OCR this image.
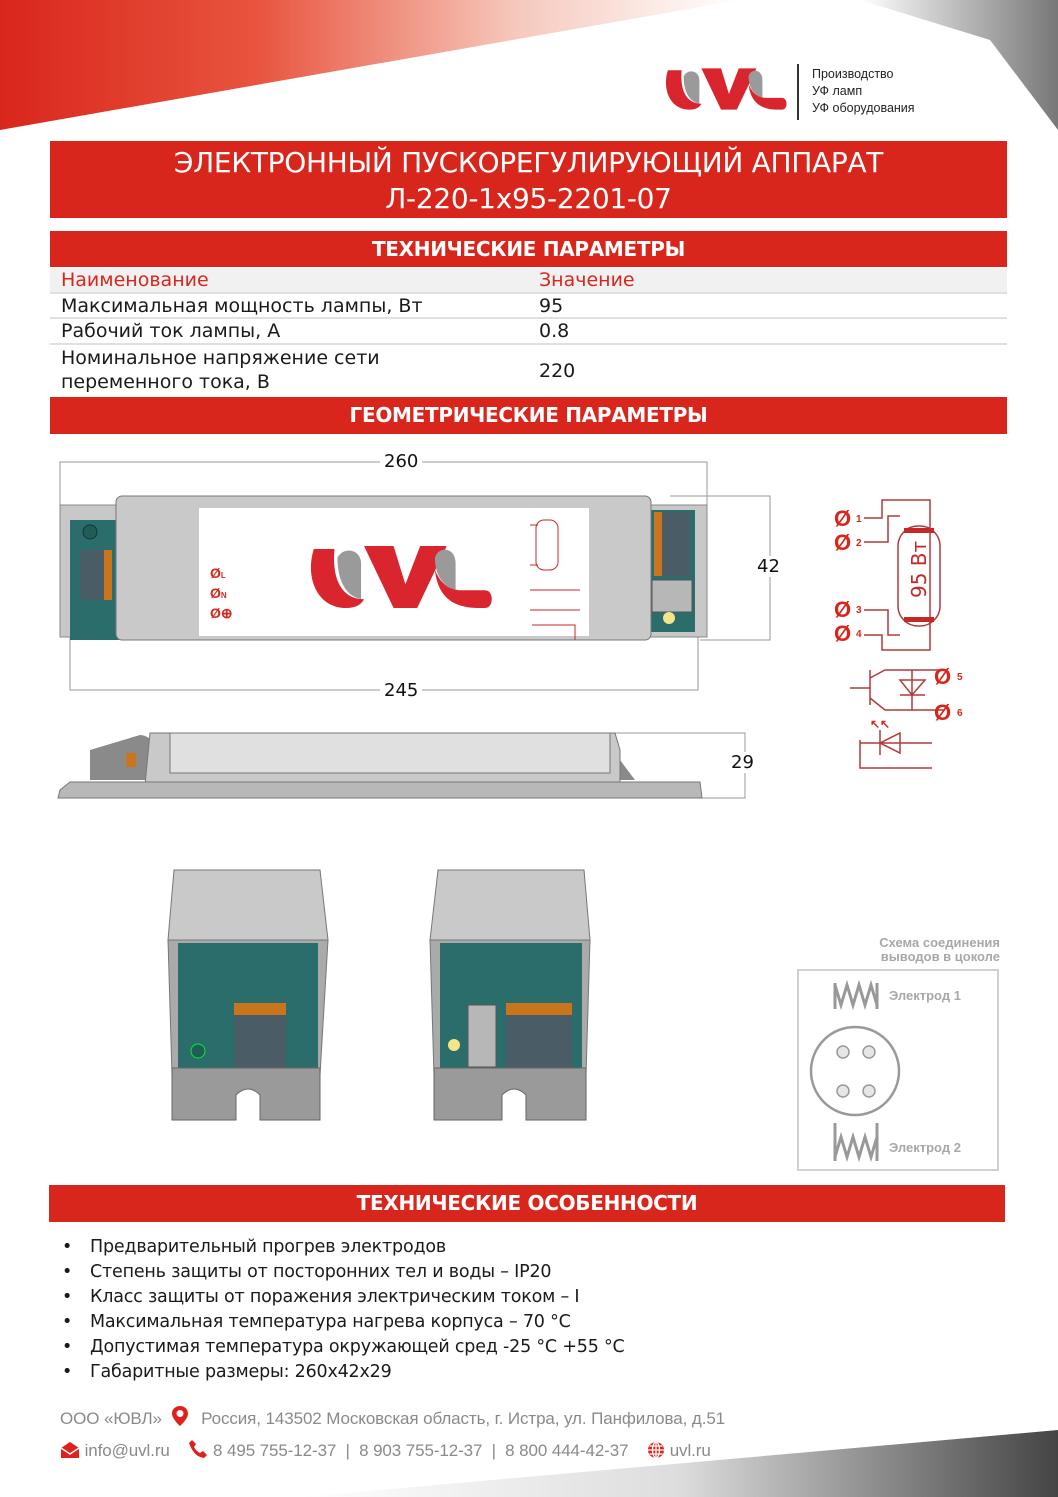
Производство
УФ ламп
УФ оборудования
ЭЛЕКТРОННЫЙ ПУСКОРЕГУЛИРУЮЩИЙ АППАРАТ
Л-220-1х95-2201-07
ТЕХНИЧЕСКИЕ ПАРАМЕТРЫ
Наименование	Значение
Максимальная мощность лампы, Вт	95
Рабочий ток лампы, А	0.8
Номинальное напряжение сети
переменного тока, В	220
ГЕОМЕТРИЧЕСКИЕ ПАРАМЕТРЫ
ØL
ØN
Ø⊕
260
245
42
29
95 Вт
Ø 1
Ø 2
Ø 3
Ø 4
Ø 5
Ø 6
↖↖
Схема соединения
выводов в цоколе
Электрод 1
Электрод 2
ТЕХНИЧЕСКИЕ ОСОБЕННОСТИ
• Предварительный прогрев электродов
• Степень защиты от посторонних тел и воды – IP20
• Класс защиты от поражения электрическим током – I
• Максимальная температура нагрева корпуса – 70 °С
• Допустимая температура окружающей сред -25 °С +55 °С
• Габаритные размеры: 260х42х29
ООО «ЮВЛ» Россия, 143502 Московская область, г. Истра, ул. Панфилова, д.51
info@uvl.ru	8 495 755-12-37  |  8 903 755-12-37  |  8 800 444-42-37 uvl.ru
